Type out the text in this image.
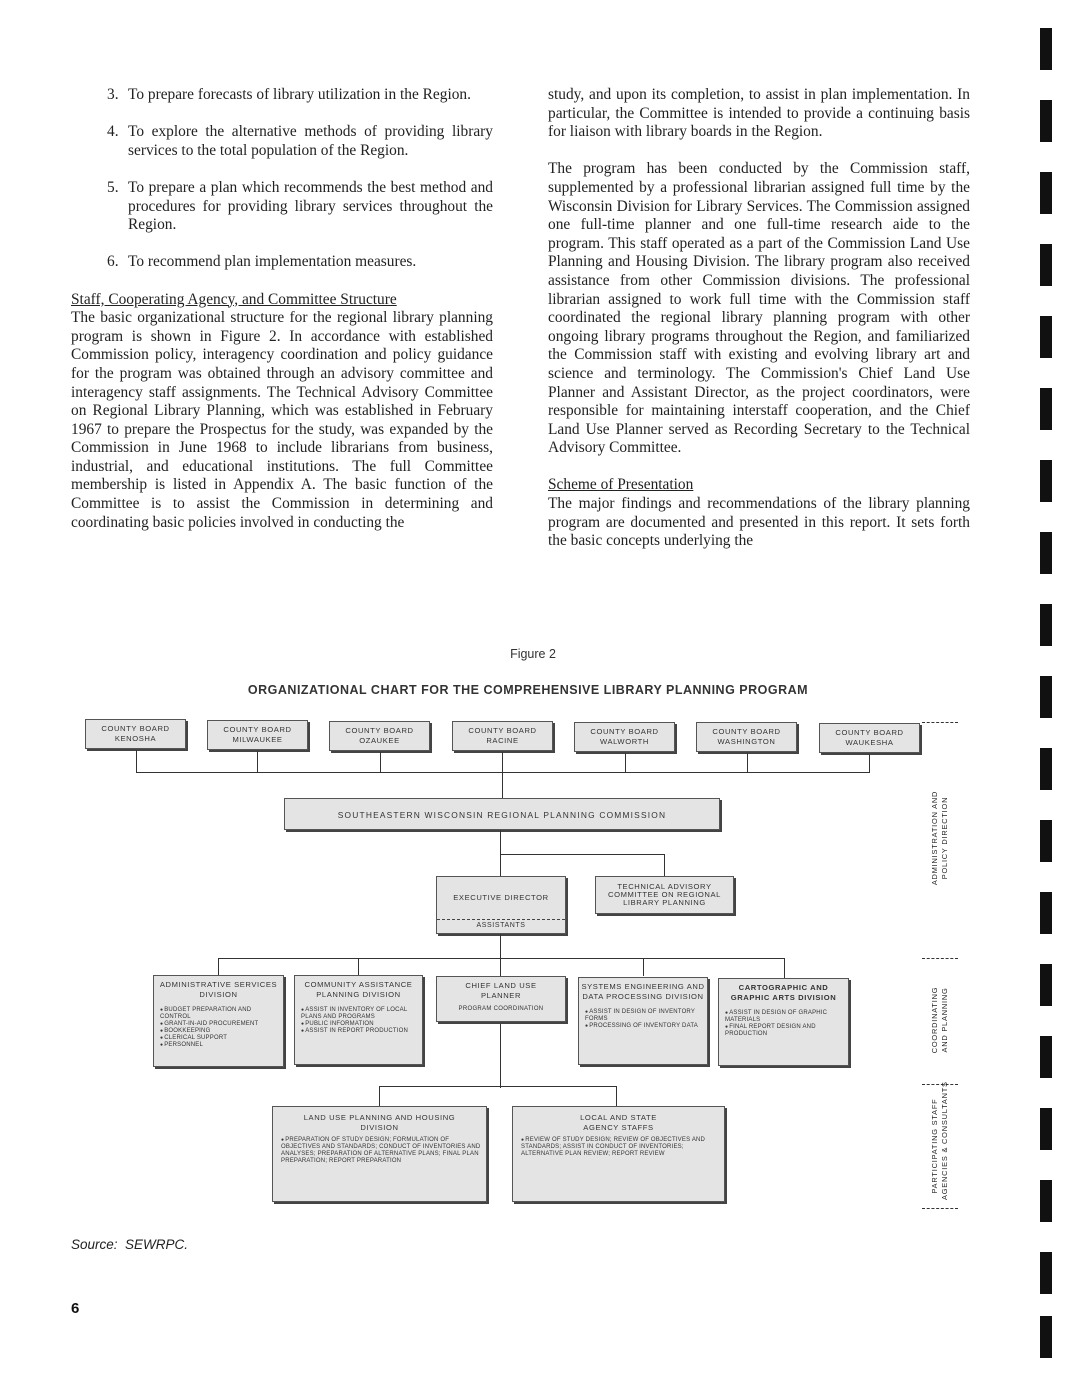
3. To prepare forecasts of library utilization in the Region.
4. To explore the alternative methods of providing library services to the total population of the Region.
5. To prepare a plan which recommends the best method and procedures for providing library services throughout the Region.
6. To recommend plan implementation measures.
Staff, Cooperating Agency, and Committee Structure

The basic organizational structure for the regional library planning program is shown in Figure 2. In accordance with established Commission policy, interagency coordination and policy guidance for the program was obtained through an advisory committee and interagency staff assignments. The Technical Advisory Committee on Regional Library Planning, which was established in February 1967 to prepare the Prospectus for the study, was expanded by the Commission in June 1968 to include librarians from business, industrial, and educational institutions. The full Committee membership is listed in Appendix A. The basic function of the Committee is to assist the Commission in determining and coordinating basic policies involved in conducting the

study, and upon its completion, to assist in plan implementation. In particular, the Committee is intended to provide a continuing basis for liaison with library boards in the Region.

The program has been conducted by the Commission staff, supplemented by a professional librarian assigned full time by the Wisconsin Division for Library Services. The Commission assigned one full-time planner and one full-time research aide to the program. This staff operated as a part of the Commission Land Use Planning and Housing Division. The library program also received assistance from other Commission divisions. The professional librarian assigned to work full time with the Commission staff coordinated the regional library planning program with other ongoing library programs throughout the Region, and familiarized the Commission staff with existing and evolving library art and science and terminology. The Commission's Chief Land Use Planner and Assistant Director, as the project coordinators, were responsible for maintaining interstaff cooperation, and the Chief Land Use Planner served as Recording Secretary to the Technical Advisory Committee.

Scheme of Presentation

The major findings and recommendations of the library planning program are documented and presented in this report. It sets forth the basic concepts underlying the

Figure 2
ORGANIZATIONAL CHART FOR THE COMPREHENSIVE LIBRARY PLANNING PROGRAM
COUNTY BOARD
KENOSHA
COUNTY BOARD
MILWAUKEE
COUNTY BOARD
OZAUKEE
COUNTY BOARD
RACINE
COUNTY BOARD
WALWORTH
COUNTY BOARD
WASHINGTON
COUNTY BOARD
WAUKESHA
SOUTHEASTERN WISCONSIN REGIONAL PLANNING COMMISSION
EXECUTIVE DIRECTOR
ASSISTANTS
TECHNICAL ADVISORY
COMMITTEE ON REGIONAL
LIBRARY PLANNING
ADMINISTRATIVE SERVICES
DIVISION
● BUDGET PREPARATION AND CONTROL
● GRANT-IN-AID PROCUREMENT
● BOOKKEEPING
● CLERICAL SUPPORT
● PERSONNEL
COMMUNITY ASSISTANCE
PLANNING DIVISION
● ASSIST IN INVENTORY OF LOCAL PLANS AND PROGRAMS
● PUBLIC INFORMATION
● ASSIST IN REPORT PRODUCTION
CHIEF LAND USE
PLANNER
PROGRAM COORDINATION
SYSTEMS ENGINEERING AND
DATA PROCESSING DIVISION
● ASSIST IN DESIGN OF INVENTORY FORMS
● PROCESSING OF INVENTORY DATA
CARTOGRAPHIC AND
GRAPHIC ARTS DIVISION
● ASSIST IN DESIGN OF GRAPHIC MATERIALS
● FINAL REPORT DESIGN AND PRODUCTION
LAND USE PLANNING AND HOUSING
DIVISION
● PREPARATION OF STUDY DESIGN; FORMULATION OF OBJECTIVES AND STANDARDS; CONDUCT OF INVENTORIES AND ANALYSES; PREPARATION OF ALTERNATIVE PLANS; FINAL PLAN PREPARATION; REPORT PREPARATION
LOCAL AND STATE
AGENCY STAFFS
● REVIEW OF STUDY DESIGN; REVIEW OF OBJECTIVES AND STANDARDS; ASSIST IN CONDUCT OF INVENTORIES; ALTERNATIVE PLAN REVIEW; REPORT REVIEW
ADMINISTRATION AND POLICY DIRECTION
COORDINATING AND PLANNING
PARTICIPATING STAFF AGENCIES & CONSULTANTS
Source:  SEWRPC.
6
